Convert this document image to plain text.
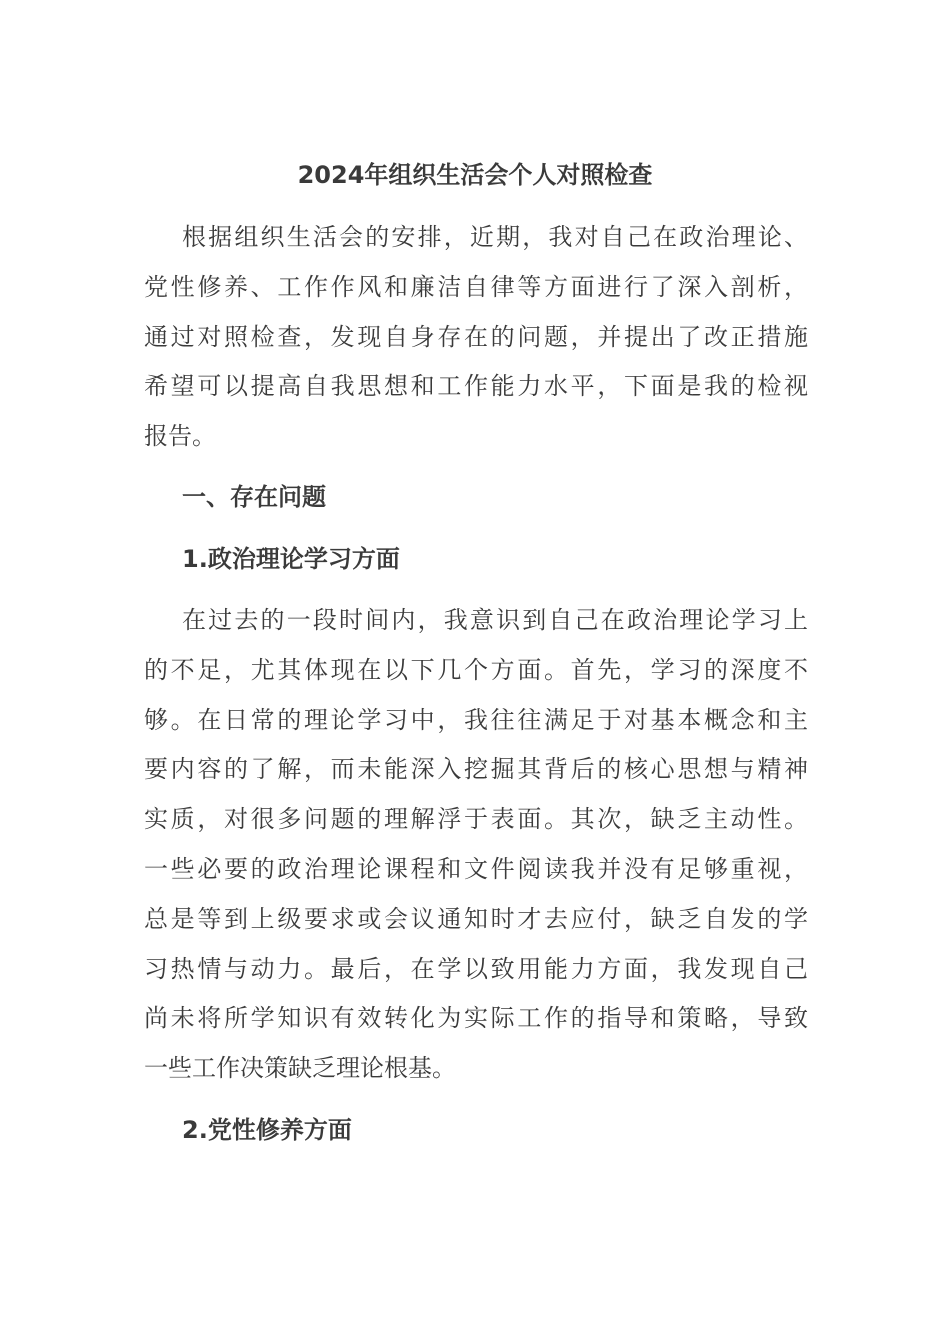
2024年组织生活会个人对照检查
根据组织生活会的安排，近期，我对自己在政治理论、
党性修养、工作作风和廉洁自律等方面进行了深入剖析，
通过对照检查，发现自身存在的问题，并提出了改正措施
希望可以提高自我思想和工作能力水平，下面是我的检视
报告。
一、存在问题
1.政治理论学习方面
在过去的一段时间内，我意识到自己在政治理论学习上
的不足，尤其体现在以下几个方面。首先，学习的深度不
够。在日常的理论学习中，我往往满足于对基本概念和主
要内容的了解，而未能深入挖掘其背后的核心思想与精神
实质，对很多问题的理解浮于表面。其次，缺乏主动性。
一些必要的政治理论课程和文件阅读我并没有足够重视，
总是等到上级要求或会议通知时才去应付，缺乏自发的学
习热情与动力。最后，在学以致用能力方面，我发现自己
尚未将所学知识有效转化为实际工作的指导和策略，导致
一些工作决策缺乏理论根基。
2.党性修养方面
